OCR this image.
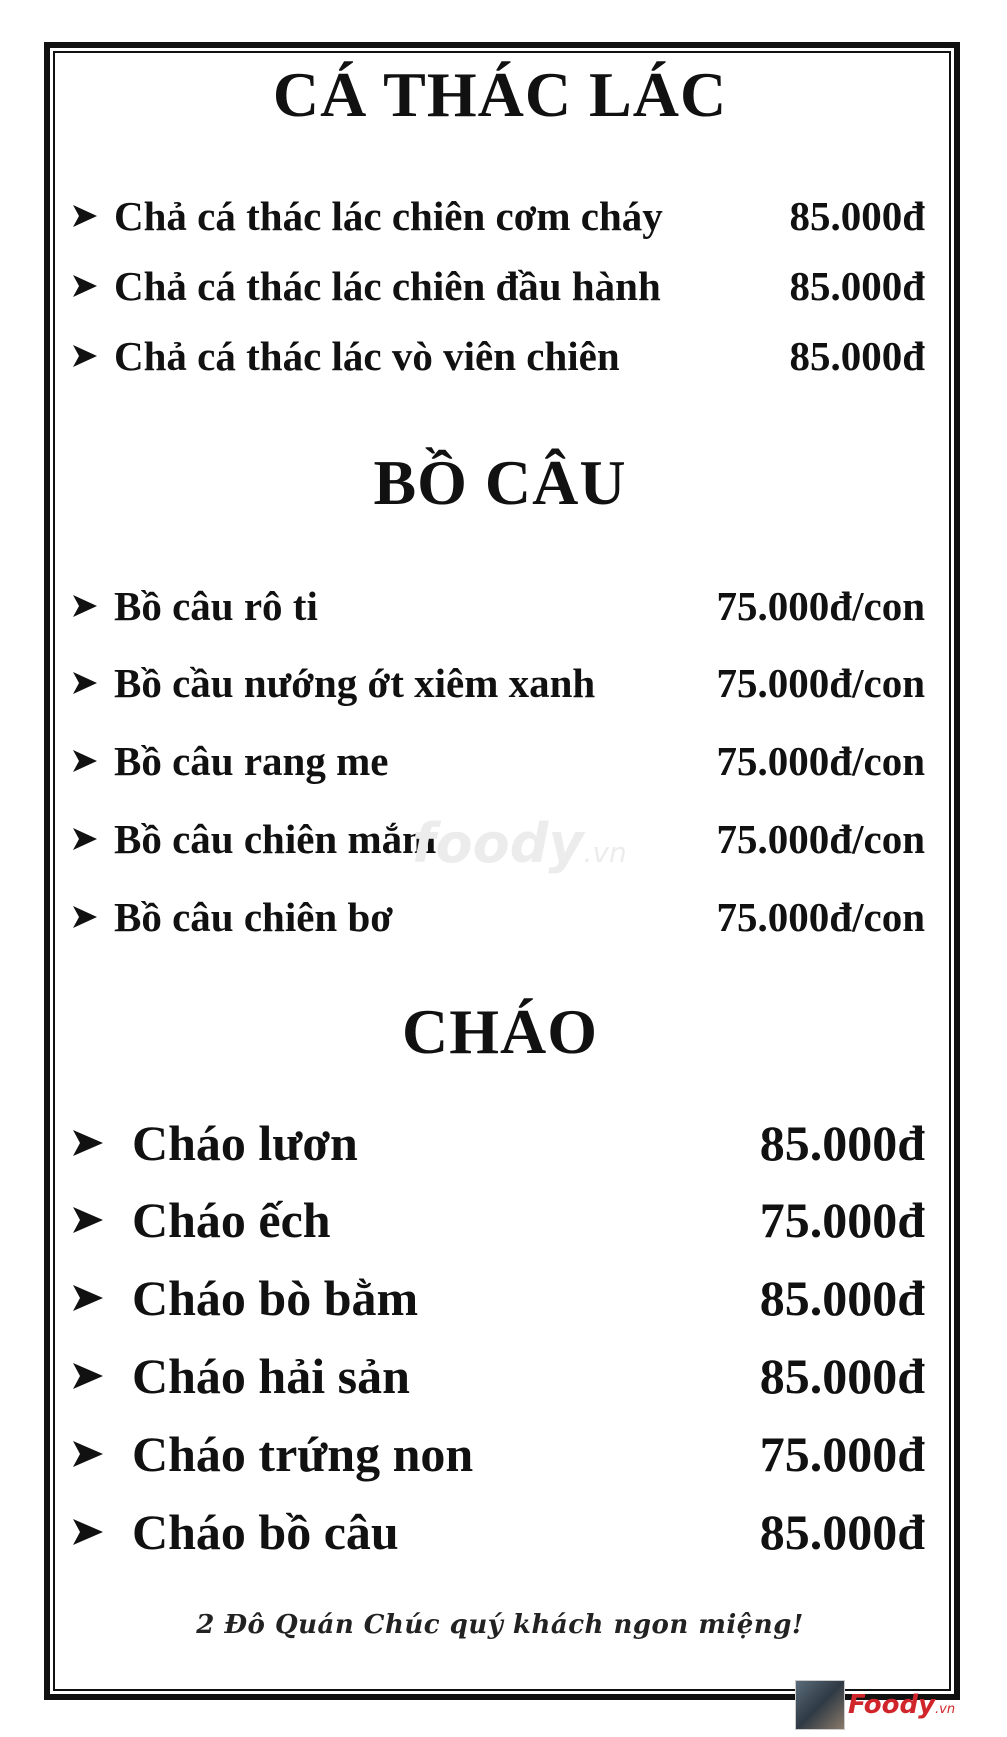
CÁ THÁC LÁC
Chả cá thác lác chiên cơm cháy	85.000đ
Chả cá thác lác chiên đầu hành	85.000đ
Chả cá thác lác vò viên chiên	85.000đ
BỒ CÂU
Bồ câu rô ti	75.000đ/con
Bồ cầu nướng ớt xiêm xanh	75.000đ/con
Bồ câu rang me	75.000đ/con
Bồ câu chiên mắm	75.000đ/con
Bồ câu chiên bơ	75.000đ/con
foody.vn
CHÁO
Cháo lươn	85.000đ
Cháo ếch	75.000đ
Cháo bò bằm	85.000đ
Cháo hải sản	85.000đ
Cháo trứng non	75.000đ
Cháo bồ câu	85.000đ
2 Đô Quán Chúc quý khách ngon miệng!
Foody.vn
